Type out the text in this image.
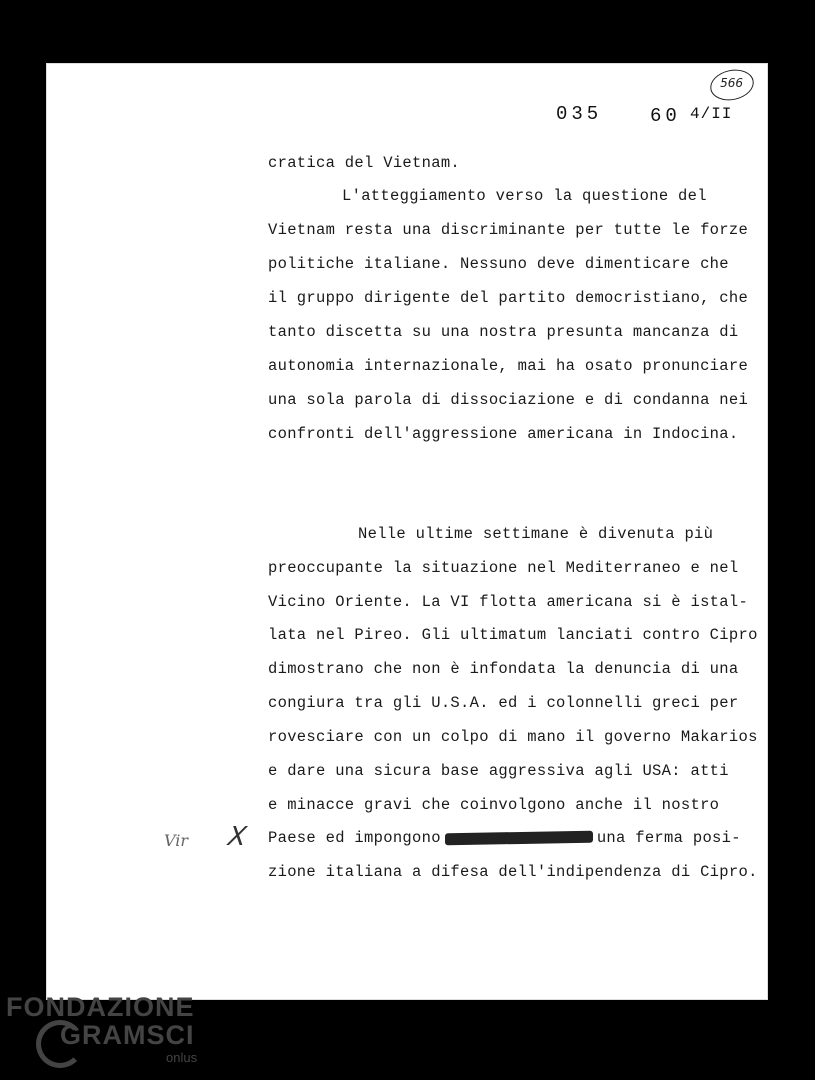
566
035	60 4/II
cratica del Vietnam.
L'atteggiamento verso la questione del
Vietnam resta una discriminante per tutte le forze
politiche italiane. Nessuno deve dimenticare che
il gruppo dirigente del partito democristiano, che
tanto discetta su una nostra presunta mancanza di
autonomia internazionale, mai ha osato pronunciare
una sola parola di dissociazione e di condanna nei
confronti dell'aggressione americana in Indocina.
Nelle ultime settimane è divenuta più
preoccupante la situazione nel Mediterraneo e nel
Vicino Oriente. La VI flotta americana si è istal-
lata nel Pireo. Gli ultimatum lanciati contro Cipro
dimostrano che non è infondata la denuncia di una
congiura tra gli U.S.A. ed i colonnelli greci per
rovesciare con un colpo di mano il governo Makarios
e dare una sicura base aggressiva agli USA: atti
e minacce gravi che coinvolgono anche il nostro
Vir X Paese ed impongono	una ferma posi-
zione italiana a difesa dell'indipendenza di Cipro.
FONDAZIONE
GRAMSCI
onlus
